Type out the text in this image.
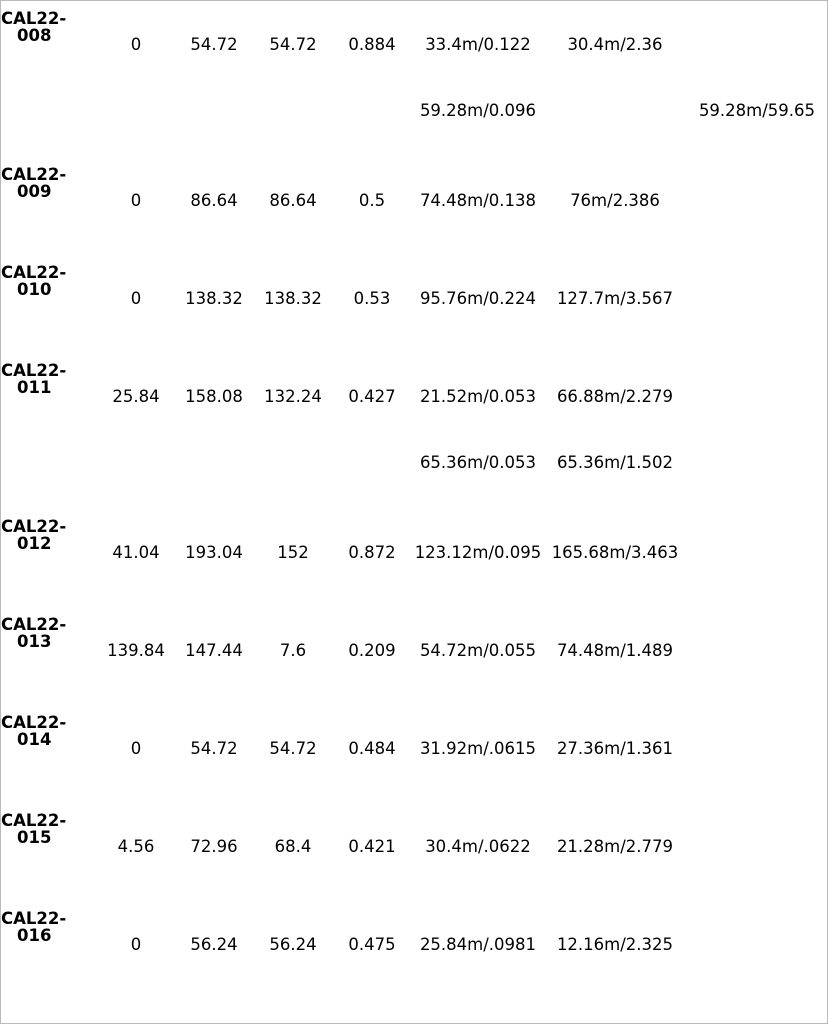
CAL22-
008	0	54.72	54.72	0.884	33.4m/0.122	30.4m/2.36	
					59.28m/0.096		59.28m/59.65

CAL22-
009	0	86.64	86.64	0.5	74.48m/0.138	76m/2.386	

CAL22-
010	0	138.32	138.32	0.53	95.76m/0.224	127.7m/3.567	

CAL22-
011	25.84	158.08	132.24	0.427	21.52m/0.053	66.88m/2.279	
					65.36m/0.053	65.36m/1.502	

CAL22-
012	41.04	193.04	152	0.872	123.12m/0.095	165.68m/3.463	

CAL22-
013	139.84	147.44	7.6	0.209	54.72m/0.055	74.48m/1.489	

CAL22-
014	0	54.72	54.72	0.484	31.92m/.0615	27.36m/1.361	

CAL22-
015	4.56	72.96	68.4	0.421	30.4m/.0622	21.28m/2.779	

CAL22-
016	0	56.24	56.24	0.475	25.84m/.0981	12.16m/2.325	
